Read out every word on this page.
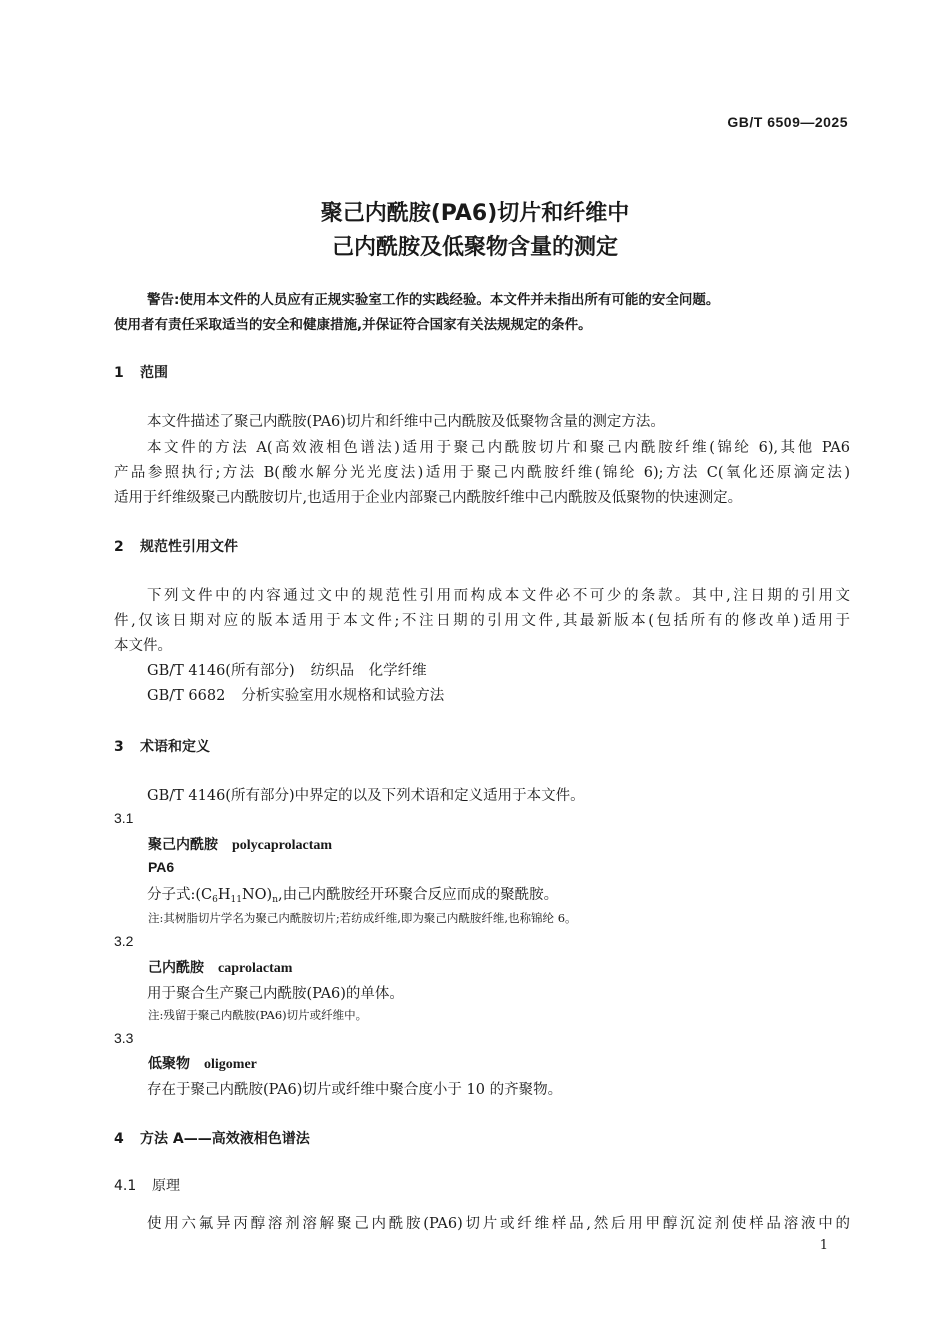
GB/T 6509—2025
聚己内酰胺(PA6)切片和纤维中
己内酰胺及低聚物含量的测定
警告:使用本文件的人员应有正规实验室工作的实践经验。本文件并未指出所有可能的安全问题。
使用者有责任采取适当的安全和健康措施,并保证符合国家有关法规规定的条件。
1 范围
本文件描述了聚己内酰胺(PA6)切片和纤维中己内酰胺及低聚物含量的测定方法。
本文件的方法 A(高效液相色谱法)适用于聚己内酰胺切片和聚己内酰胺纤维(锦纶 6),其他 PA6
产品参照执行;方法 B(酸水解分光光度法)适用于聚己内酰胺纤维(锦纶 6);方法 C(氧化还原滴定法)
适用于纤维级聚己内酰胺切片,也适用于企业内部聚己内酰胺纤维中己内酰胺及低聚物的快速测定。
2 规范性引用文件
下列文件中的内容通过文中的规范性引用而构成本文件必不可少的条款。其中,注日期的引用文
件,仅该日期对应的版本适用于本文件;不注日期的引用文件,其最新版本(包括所有的修改单)适用于
本文件。
GB/T 4146(所有部分) 纺织品　化学纤维
GB/T 6682 分析实验室用水规格和试验方法
3 术语和定义
GB/T 4146(所有部分)中界定的以及下列术语和定义适用于本文件。
3.1
聚己内酰胺 polycaprolactam
PA6
分子式$:(C_6H_{11}NO)_n$,由己内酰胺经开环聚合反应而成的聚酰胺。
注:其树脂切片学名为聚己内酰胺切片;若纺成纤维,即为聚己内酰胺纤维,也称锦纶 6。
3.2
己内酰胺 caprolactam
用于聚合生产聚己内酰胺(PA6)的单体。
注:残留于聚己内酰胺(PA6)切片或纤维中。
3.3
低聚物 oligomer
存在于聚己内酰胺(PA6)切片或纤维中聚合度小于 10 的齐聚物。
4 方法 A——高效液相色谱法
4.1 原理
使用六氟异丙醇溶剂溶解聚己内酰胺(PA6)切片或纤维样品,然后用甲醇沉淀剂使样品溶液中的
1
